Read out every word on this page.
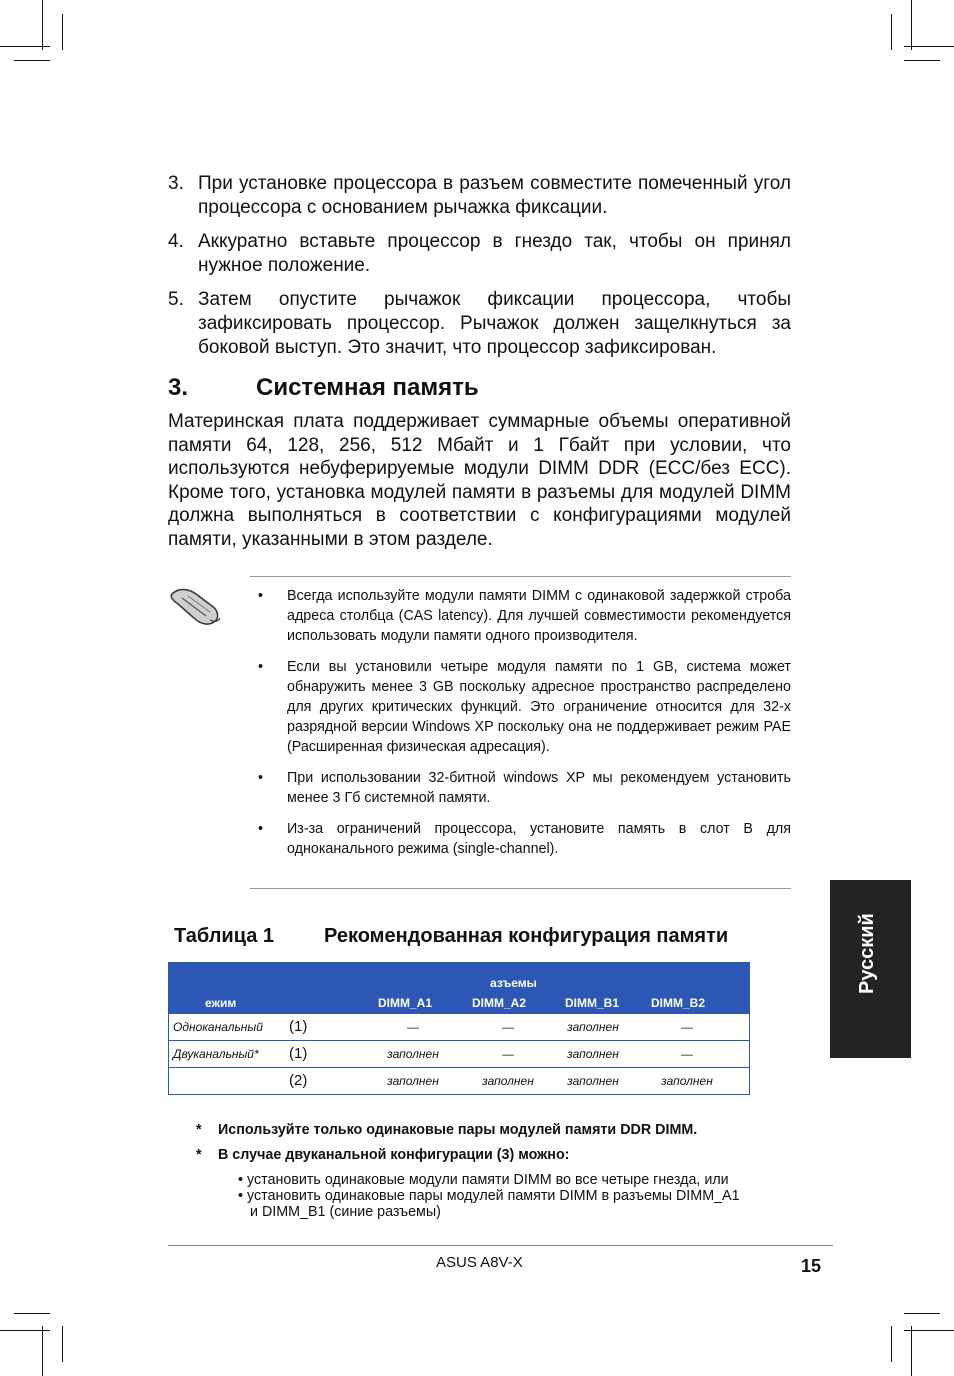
3. При установке процессора в разъем совместите помеченный угол процессора с основанием рычажка фиксации.
4. Аккуратно вставьте процессор в гнездо так, чтобы он принял нужное положение.
5. Затем опустите рычажок фиксации процессора, чтобы зафиксировать процессор. Рычажок должен защелкнуться за боковой выступ. Это значит, что процессор зафиксирован.
3.	Системная память
Материнская плата поддерживает суммарные объемы оперативной памяти 64, 128, 256, 512 Мбайт и 1 Гбайт при условии, что используются небуферируемые модули DIMM DDR (ECC/без ECC). Кроме того, установка модулей памяти в разъемы для модулей DIMM должна выполняться в соответствии с конфигурациями модулей памяти, указанными в этом разделе.
•	Всегда используйте модули памяти DIMM с одинаковой задержкой строба адреса столбца (CAS latency). Для лучшей совместимости рекомендуется использовать модули памяти одного производителя.
•	Если вы установили четыре модуля памяти по 1 GB, система может обнаружить менее 3 GB поскольку адресное пространство распределено для других критических функций. Это ограничение относится для 32-х разрядной версии Windows XP поскольку она не поддерживает режим PAE (Расширенная физическая адресация).
•	При использовании 32-битной windows XP мы рекомендуем установить менее 3 Гб системной памяти.
•	Из-за ограничений процессора, установите память в слот B для одноканального режима (single-channel).
Таблица 1	Рекомендованная конфигурация памяти
азъемы
ежим	DIMM_A1	DIMM_A2	DIMM_B1	DIMM_B2
Одноканальный (1)	—	—	заполнен	—
Двуканальный* (1)	заполнен	—	заполнен	—
(2)	заполнен	заполнен	заполнен	заполнен
* Используйте только одинаковые пары модулей памяти DDR DIMM.
* В случае двуканальной конфигурации (3) можно:
• установить одинаковые модули памяти DIMM во все четыре гнезда, или
• установить одинаковые пары модулей памяти DIMM в разъемы DIMM_A1
и DIMM_B1 (синие разъемы)
Русский
ASUS A8V-X	15
